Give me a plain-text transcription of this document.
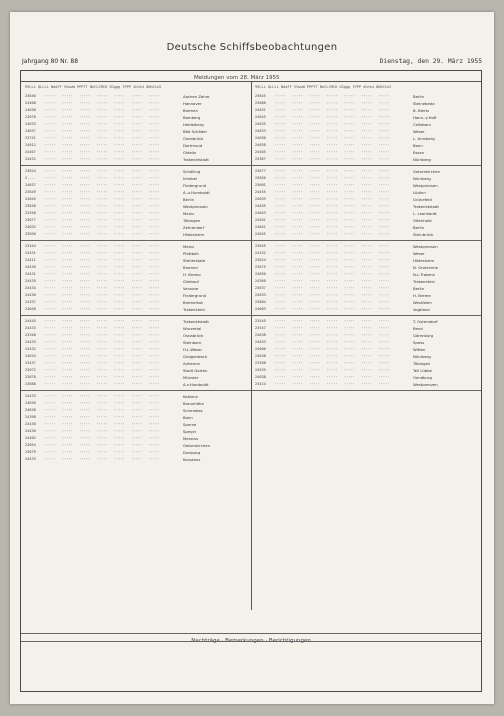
Deutsche Schiffsbeobachtungen
Jahrgang 80 Nr. 88	Dienstag, den 29. März 1955
Meldungen vom 28. März 1955
99LLL QLLLL NddFF VVwwW PPPTT NhCLCMCH GGggg 7PPP 4hhh4 8NhCLhS	99LLL QLLLL NddFF VVwwW PPPTT NhCLCMCH GGggg 7PPP 4hhh4 8NhCLhS
Nachträge · Bemerkungen · Berichtigungen
23646 ·····   ·····   ·····   ·····   ·····   ·····   ·····	Aachen Zahre
24408 ·····   ·····   ·····   ·····   ·····   ·····   ·····	Hannover
24638 ·····   ·····   ·····   ·····   ·····   ·····   ·····	Bremen
23078 ·····   ·····   ·····   ·····   ·····   ·····   ·····	Bamberg
24633 ·····   ·····   ·····   ·····   ·····   ·····   ·····	Heidelberg
24637 ·····   ·····   ·····   ·····   ·····   ·····   ·····	Bäd Schöder
23741 ·····   ·····   ·····   ·····   ·····   ·····   ·····	Osnabrück
24012 ·····   ·····   ·····   ·····   ·····   ·····   ·····	Dortmund
24407 ·····   ·····   ·····   ·····   ·····   ·····   ·····	Oldelin
24432 ·····   ·····   ·····   ·····   ·····   ·····   ·····	Trakenktstadt
23645 ·····   ·····   ·····   ·····   ·····   ·····   ·····	Berlin
23688 ·····   ·····   ·····   ·····   ·····   ·····   ·····	Steinebeda
24631 ·····   ·····   ·····   ·····   ·····   ·····   ·····	B. Biertz
24645 ·····   ·····   ·····   ·····   ·····   ·····   ·····	Hann.-v.Hoff
24635 ·····   ·····   ·····   ·····   ·····   ·····   ·····	Celleborn
24633 ·····   ·····   ·····   ·····   ·····   ·····   ·····	Weser
24030 ·····   ·····   ·····   ·····   ·····   ·····   ·····	L. Arnsberg
24638 ·····   ·····   ·····   ·····   ·····   ·····   ·····	Bonn
24405 ·····   ·····   ·····   ·····   ·····   ·····   ·····	Essen
23367 ·····   ·····   ·····   ·····   ·····   ·····   ·····	Nürnberg
23624 ·····   ·····   ·····   ·····   ·····   ·····   ·····	Schölling
2.... ·····   ·····   ·····   ·····   ·····   ·····   ·····	Inhebel
24637 ·····   ·····   ·····   ·····   ·····   ·····   ·····	Fledergrund
23649 ·····   ·····   ·····   ·····   ·····   ·····   ·····	A.-v.Humboldt
24045 ·····   ·····   ·····   ·····   ·····   ·····   ·····	Berlin
23648 ·····   ·····   ·····   ·····   ·····   ·····   ·····	Westpreusen
23558 ·····   ·····   ·····   ·····   ·····   ·····   ·····	Mainz
23077 ·····   ·····   ·····   ·····   ·····   ·····   ·····	Tübingen
24032 ·····   ·····   ·····   ·····   ·····   ·····   ·····	Zehrendorf
23036 ·····   ·····   ·····   ·····   ·····   ·····   ·····	Hildesheim
23677 ·····   ·····   ·····   ·····   ·····   ·····   ·····	Gelsenkirchen
23650 ·····   ·····   ·····   ·····   ·····   ·····   ·····	Nürnberg
23601 ·····   ·····   ·····   ·····   ·····   ·····   ·····	Westpreusen
24455 ·····   ·····   ·····   ·····   ·····   ·····   ·····	Lüdinn
24033 ·····   ·····   ·····   ·····   ·····   ·····   ·····	Grünefeld
24635 ·····   ·····   ·····   ·····   ·····   ·····   ·····	Trakenktstadt
24043 ·····   ·····   ·····   ·····   ·····   ·····   ·····	L. Leonhardt
24401 ·····   ·····   ·····   ·····   ·····   ·····   ·····	Oltenhald
24041 ·····   ·····   ·····   ·····   ·····   ·····   ·····	Berlin
24045 ·····   ·····   ·····   ·····   ·····   ·····   ·····	Steinbrück
23544 ·····   ·····   ·····   ·····   ·····   ·····   ·····	Mainz
24431 ·····   ·····   ·····   ·····   ·····   ·····   ·····	Plettbeh
24411 ·····   ·····   ·····   ·····   ·····   ·····   ·····	Steherstate
24436 ·····   ·····   ·····   ·····   ·····   ·····   ·····	Bremen
24431 ·····   ·····   ·····   ·····   ·····   ·····   ·····	H. Bremo
24439 ·····   ·····   ·····   ·····   ·····   ·····   ·····	Gliebauf
24434 ·····   ·····   ·····   ·····   ·····   ·····   ·····	Verzone
24430 ·····   ·····   ·····   ·····   ·····   ·····   ·····	Fledergrund
24337 ·····   ·····   ·····   ·····   ·····   ·····   ·····	Bremerkot
24038 ·····   ·····   ·····   ·····   ·····   ·····   ·····	Trakenktein
23645 ·····   ·····   ·····   ·····   ·····   ·····   ·····	Westpreusen
24432 ·····   ·····   ·····   ·····   ·····   ·····   ·····	Weser
23024 ·····   ·····   ·····   ·····   ·····   ·····   ·····	Hildesheim
23075 ·····   ·····   ·····   ·····   ·····   ·····   ·····	N. Grohlenhe
24830 ·····   ·····   ·····   ·····   ·····   ·····   ·····	N.L.Trakens
24360 ·····   ·····   ·····   ·····   ·····   ·····   ·····	Trakenktein
23037 ·····   ·····   ·····   ·····   ·····   ·····   ·····	Berlin
24633 ·····   ·····   ·····   ·····   ·····   ·····   ·····	H. Breme
23084 ·····   ·····   ·····   ·····   ·····   ·····   ·····	Westfalen
24063 ·····   ·····   ·····   ·····   ·····   ·····   ·····	Vogtland
24445 ·····   ·····   ·····   ·····   ·····   ·····   ·····	Trakenktstadt
24433 ·····   ·····   ·····   ·····   ·····   ·····   ·····	Wurzertal
23348 ·····   ·····   ·····   ·····   ·····   ·····   ·····	Osnabrück
24433 ·····   ·····   ·····   ·····   ·····   ·····   ·····	Steinborn
24432 ·····   ·····   ·····   ·····   ·····   ·····   ·····	H.L.Weser
24634 ·····   ·····   ·····   ·····   ·····   ·····   ·····	Grolgenbach
23437 ·····   ·····   ·····   ·····   ·····   ·····   ·····	Anhenne
23072 ·····   ·····   ·····   ·····   ·····   ·····   ·····	Stadt Garten
23878 ·····   ·····   ·····   ·····   ·····   ·····   ·····	Münster
23688 ·····   ·····   ·····   ·····   ·····   ·····   ·····	A.v.Humboldt
23545 ·····   ·····   ·····   ·····   ·····   ·····   ·····	T. Osterndorf
23547 ·····   ·····   ·····   ·····   ·····   ·····   ·····	Rend
24638 ·····   ·····   ·····   ·····   ·····   ·····   ·····	Gärenburg
24633 ·····   ·····   ·····   ·····   ·····   ·····   ·····	Spess
24006 ·····   ·····   ·····   ·····   ·····   ·····   ·····	Witten
24638 ·····   ·····   ·····   ·····   ·····   ·····   ·····	Nürnberg
23398 ·····   ·····   ·····   ·····   ·····   ·····   ·····	Tübingen
24535 ·····   ·····   ·····   ·····   ·····   ·····   ·····	Teil Lübbe
24038 ·····   ·····   ·····   ·····   ·····   ·····   ·····	Oendburg
23424 ·····   ·····   ·····   ·····   ·····   ·····   ·····	Westprenzen
24433 ·····   ·····   ·····   ·····   ·····   ·····   ·····	Koblenz
24636 ·····   ·····   ·····   ·····   ·····   ·····   ·····	Braunhöhe
24638 ·····   ·····   ·····   ·····   ·····   ·····   ·····	Schmebes
24398 ·····   ·····   ·····   ·····   ·····   ·····   ·····	Bonn
24430 ·····   ·····   ·····   ·····   ·····   ·····   ·····	Sperne
24430 ·····   ·····   ·····   ·····   ·····   ·····   ·····	Speyer
24402 ·····   ·····   ·····   ·····   ·····   ·····   ·····	Mannau
23654 ·····   ·····   ·····   ·····   ·····   ·····   ·····	Gelsenkirchen
23679 ·····   ·····   ·····   ·····   ·····   ·····   ·····	Duisburg
24433 ·····   ·····   ·····   ·····   ·····   ·····   ·····	Konstanz
